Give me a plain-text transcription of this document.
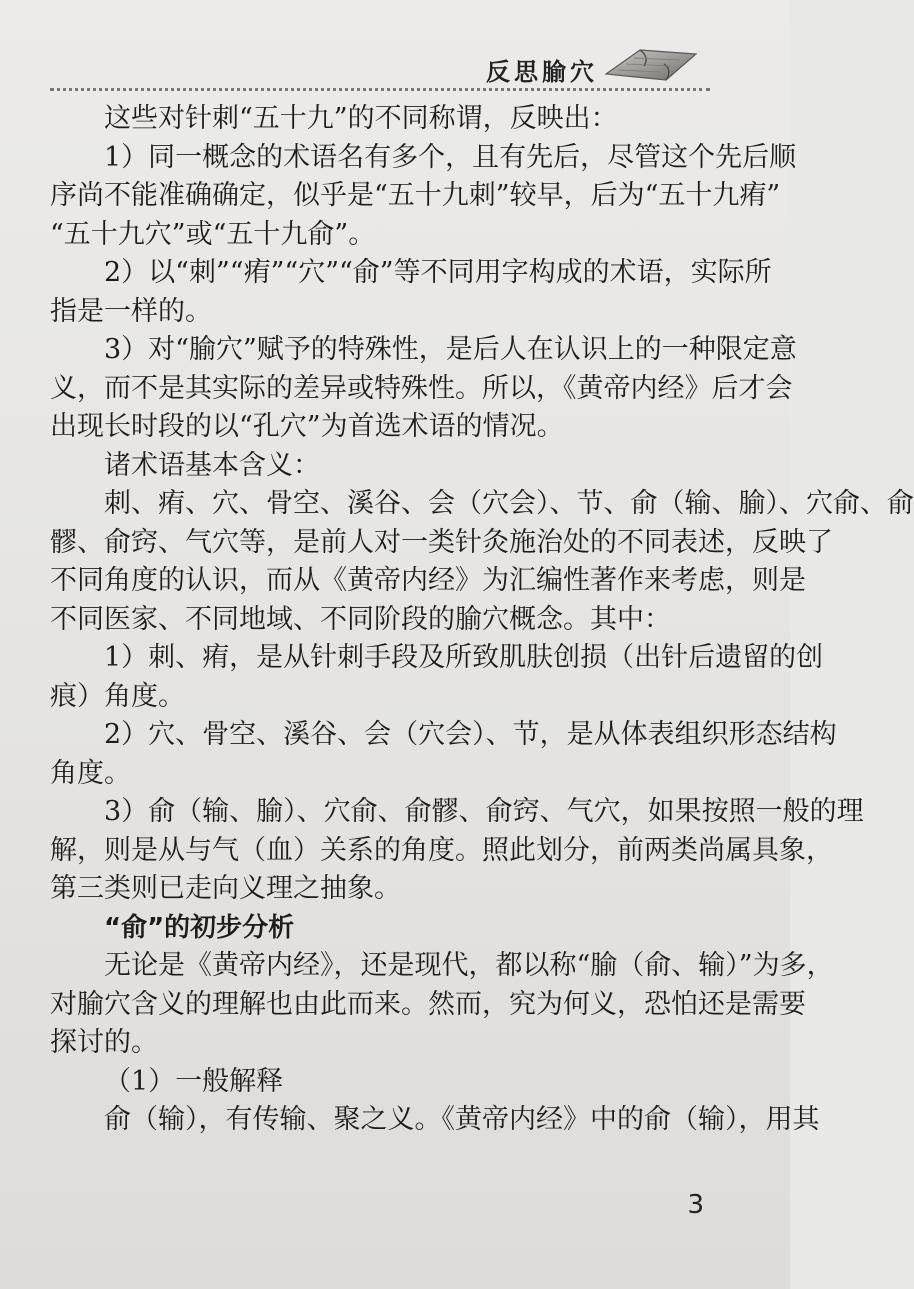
反思腧穴
这些对针刺“五十九”的不同称谓，反映出：
1）同一概念的术语名有多个，且有先后，尽管这个先后顺
序尚不能准确确定，似乎是“五十九刺”较早，后为“五十九痏”
“五十九穴”或“五十九俞”。
2）以“刺”“痏”“穴”“俞”等不同用字构成的术语，实际所
指是一样的。
3）对“腧穴”赋予的特殊性，是后人在认识上的一种限定意
义，而不是其实际的差异或特殊性。所以，《黄帝内经》后才会
出现长时段的以“孔穴”为首选术语的情况。
诸术语基本含义：
刺、痏、穴、骨空、溪谷、会（穴会）、节、俞（输、腧）、穴俞、俞
髎、俞窍、气穴等，是前人对一类针灸施治处的不同表述，反映了
不同角度的认识，而从《黄帝内经》为汇编性著作来考虑，则是
不同医家、不同地域、不同阶段的腧穴概念。其中：
1）刺、痏，是从针刺手段及所致肌肤创损（出针后遗留的创
痕）角度。
2）穴、骨空、溪谷、会（穴会）、节，是从体表组织形态结构
角度。
3）俞（输、腧）、穴俞、俞髎、俞窍、气穴，如果按照一般的理
解，则是从与气（血）关系的角度。照此划分，前两类尚属具象，
第三类则已走向义理之抽象。
“俞”的初步分析
无论是《黄帝内经》，还是现代，都以称“腧（俞、输）”为多，
对腧穴含义的理解也由此而来。然而，究为何义，恐怕还是需要
探讨的。
（1）一般解释
俞（输），有传输、聚之义。《黄帝内经》中的俞（输），用其
3
